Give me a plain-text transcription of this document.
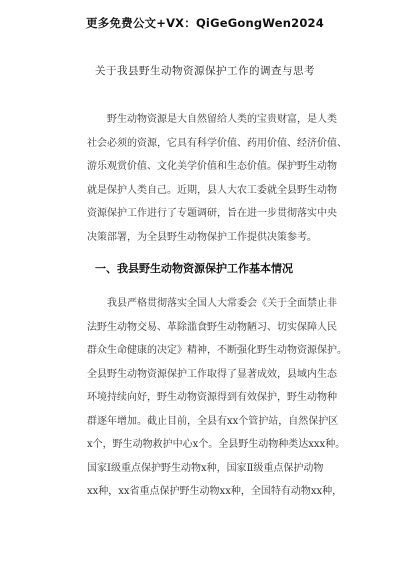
更多免费公文+VX：QiGeGongWen2024
关于我县野生动物资源保护工作的调查与思考
　　野生动物资源是大自然留给人类的宝贵财富，是人类
社会必须的资源，它具有科学价值、药用价值、经济价值、
游乐观赏价值、文化美学价值和生态价值。保护野生动物
就是保护人类自己。近期，县人大农工委就全县野生动物
资源保护工作进行了专题调研，旨在进一步贯彻落实中央
决策部署，为全县野生动物保护工作提供决策参考。
一、我县野生动物资源保护工作基本情况
　　我县严格贯彻落实全国人大常委会《关于全面禁止非
法野生动物交易、革除滥食野生动物陋习、切实保障人民
群众生命健康的决定》精神，不断强化野生动物资源保护。
全县野生动物资源保护工作取得了显著成效，县域内生态
环境持续向好，野生动物资源得到有效保护，野生动物种
群逐年增加。截止目前，全县有xx个管护站，自然保护区
x个，野生动物救护中心x个。全县野生动物种类达xxx种。
国家Ⅰ级重点保护野生动物x种，国家Ⅱ级重点保护动物
xx种，xx省重点保护野生动物xx种，全国特有动物xx种，
